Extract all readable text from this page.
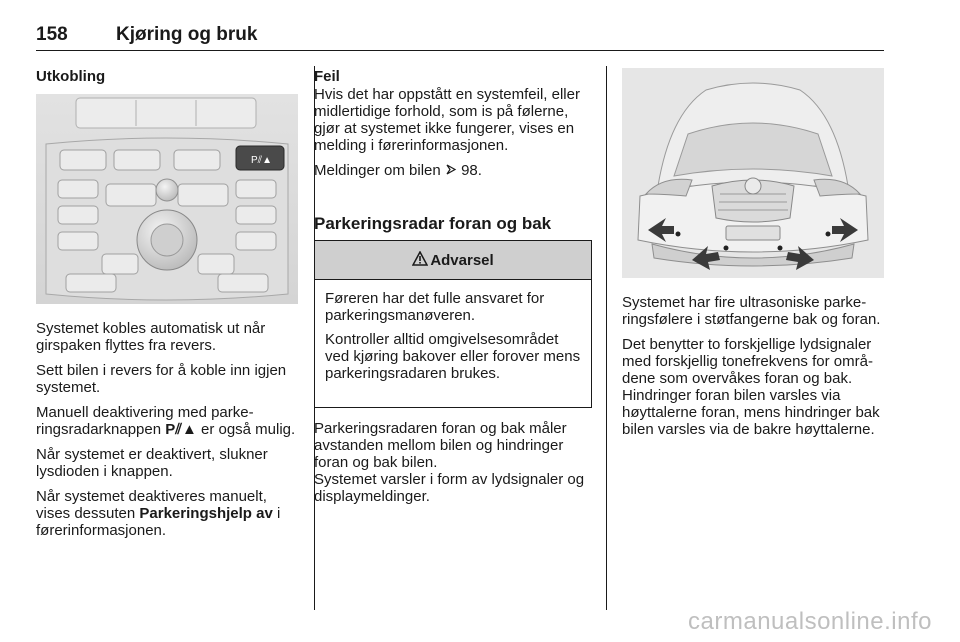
158	Kjøring og bruk
Utkobling
P⫽▲

Systemet kobles automatisk ut når girspaken flyttes fra revers.

Sett bilen i revers for å koble inn igjen systemet.

Manuell deaktivering med parkeringsradarknappen P⫽▲ er også mulig.

Når systemet er deaktivert, slukner lysdioden i knappen.

Når systemet deaktiveres manuelt, vises dessuten Parkeringshjelp av i førerinformasjonen.

Feil

Hvis det har oppstått en systemfeil, eller midlertidige forhold, som is på følerne, gjør at systemet ikke fungerer, vises en melding i førerinformasjonen.

Meldinger om bilen 98.

Parkeringsradar foran og bak
Advarsel

Føreren har det fulle ansvaret for parkeringsmanøveren.

Kontroller alltid omgivelsesområdet ved kjøring bakover eller forover mens parkeringsradaren brukes.

Parkeringsradaren foran og bak måler avstanden mellom bilen og hindringer foran og bak bilen.

Systemet varsler i form av lydsignaler og displaymeldinger.

Systemet har fire ultrasoniske parkeringsfølere i støtfangerne bak og foran.

Det benytter to forskjellige lydsignaler med forskjellig tonefrekvens for områdene som overvåkes foran og bak. Hindringer foran bilen varsles via høyttalerne foran, mens hindringer bak bilen varsles via de bakre høyttalerne.

carmanualsonline.info
